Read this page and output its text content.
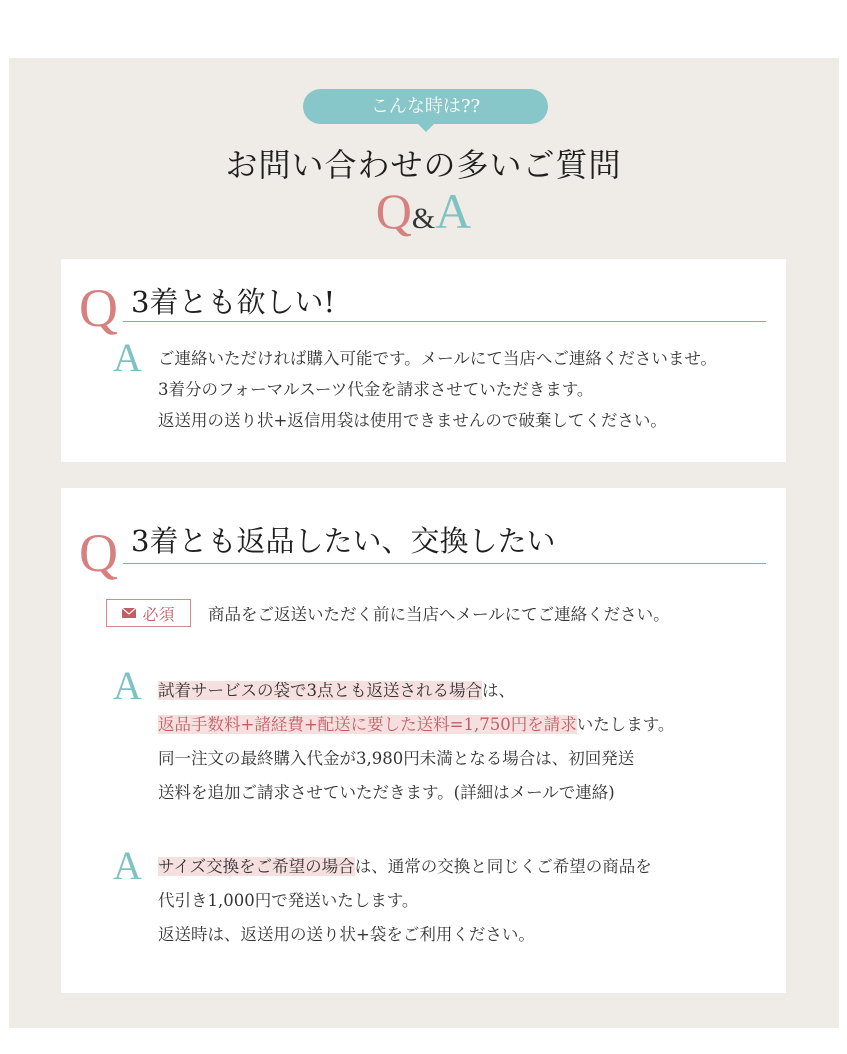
こんな時は??
お問い合わせの多いご質問
Q&A
Q 3着とも欲しい!
A ご連絡いただければ購入可能です。メールにて当店へご連絡くださいませ。

3着分のフォーマルスーツ代金を請求させていただきます。

返送用の送り状+返信用袋は使用できませんので破棄してください。

Q 3着とも返品したい、交換したい
必須 商品をご返送いただく前に当店へメールにてご連絡ください。
A 試着サービスの袋で3点とも返送される場合は、

返品手数料+諸経費+配送に要した送料=1,750円を請求いたします。

同一注文の最終購入代金が3,980円未満となる場合は、初回発送

送料を追加ご請求させていただきます。(詳細はメールで連絡)

A サイズ交換をご希望の場合は、通常の交換と同じくご希望の商品を

代引き1,000円で発送いたします。

返送時は、返送用の送り状+袋をご利用ください。
